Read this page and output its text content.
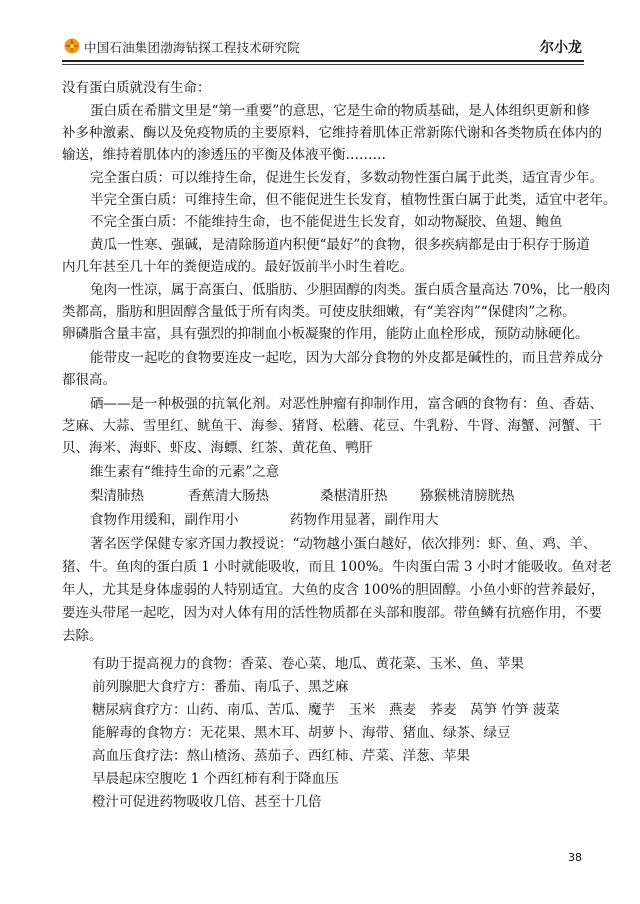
中国石油集团渤海钻探工程技术研究院	尔小龙
没有蛋白质就没有生命：
蛋白质在希腊文里是“第一重要”的意思，它是生命的物质基础，是人体组织更新和修
补多种激素、酶以及免疫物质的主要原料，它维持着肌体正常新陈代谢和各类物质在体内的
输送，维持着肌体内的渗透压的平衡及体液平衡………
完全蛋白质：可以维持生命，促进生长发育，多数动物性蛋白属于此类，适宜青少年。
半完全蛋白质：可维持生命，但不能促进生长发育，植物性蛋白属于此类，适宜中老年。
不完全蛋白质：不能维持生命，也不能促进生长发育，如动物凝胶、鱼翅、鲍鱼
黄瓜一性寒、强碱，是清除肠道内积便“最好”的食物，很多疾病都是由于积存于肠道
内几年甚至几十年的粪便造成的。最好饭前半小时生着吃。
兔肉一性凉，属于高蛋白、低脂肪、少胆固醇的肉类。蛋白质含量高达 70%，比一般肉
类都高，脂肪和胆固醇含量低于所有肉类。可使皮肤细嫩，有“美容肉”“保健肉”之称。
卵磷脂含量丰富，具有强烈的抑制血小板凝聚的作用，能防止血栓形成，预防动脉硬化。
能带皮一起吃的食物要连皮一起吃，因为大部分食物的外皮都是碱性的，而且营养成分
都很高。
硒——是一种极强的抗氧化剂。对恶性肿瘤有抑制作用，富含硒的食物有：鱼、香菇、
芝麻、大蒜、雪里红、鱿鱼干、海参、猪肾、松蘑、花豆、牛乳粉、牛肾、海蟹、河蟹、干
贝、海米、海虾、虾皮、海螵、红茶、黄花鱼、鸭肝
维生素有“维持生命的元素”之意
梨清肺热	香蕉清大肠热	桑椹清肝热 猕猴桃清膀胱热
食物作用缓和，副作用小	药物作用显著，副作用大
著名医学保健专家齐国力教授说：“动物越小蛋白越好，依次排列：虾、鱼、鸡、羊、
猪、牛。鱼肉的蛋白质 1 小时就能吸收，而且 100%。牛肉蛋白需 3 小时才能吸收。鱼对老
年人，尤其是身体虚弱的人特别适宜。大鱼的皮含 100%的胆固醇。小鱼小虾的营养最好，
要连头带尾一起吃，因为对人体有用的活性物质都在头部和腹部。带鱼鳞有抗癌作用，不要
去除。
有助于提高视力的食物：香菜、卷心菜、地瓜、黄花菜、玉米、鱼、苹果
前列腺肥大食疗方：番茄、南瓜子、黑芝麻
糖尿病食疗方：山药、南瓜、苦瓜、魔芋　玉米　燕麦　荞麦　莴笋 竹笋 菠菜
能解毒的食物方：无花果、黑木耳、胡萝卜、海带、猪血、绿茶、绿豆
高血压食疗法：熬山楂汤、蒸茄子、西红柿、芹菜、洋葱、苹果
早晨起床空腹吃 1 个西红柿有利于降血压
橙汁可促进药物吸收几倍、甚至十几倍
38
